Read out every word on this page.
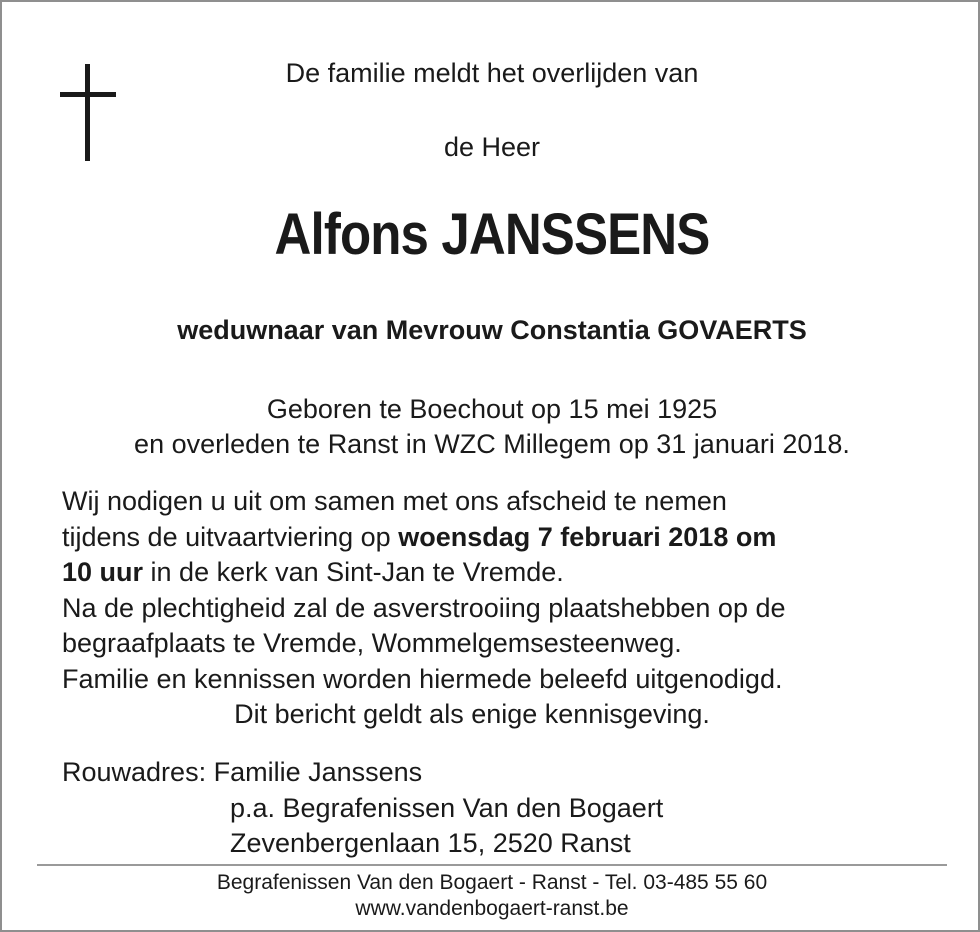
De familie meldt het overlijden van
de Heer
Alfons JANSSENS
weduwnaar van Mevrouw Constantia GOVAERTS
Geboren te Boechout op 15 mei 1925
en overleden te Ranst in WZC Millegem op 31 januari 2018.

Wij nodigen u uit om samen met ons afscheid te nemen

tijdens de uitvaartviering op woensdag 7 februari 2018 om

10 uur in de kerk van Sint-Jan te Vremde.

Na de plechtigheid zal de asverstrooiing plaatshebben op de

begraafplaats te Vremde, Wommelgemsesteenweg.

Familie en kennissen worden hiermede beleefd uitgenodigd.

Dit bericht geldt als enige kennisgeving.

Rouwadres: Familie Janssens
p.a. Begrafenissen Van den Bogaert
Zevenbergenlaan 15, 2520 Ranst
Begrafenissen Van den Bogaert - Ranst - Tel. 03-485 55 60
www.vandenbogaert-ranst.be
